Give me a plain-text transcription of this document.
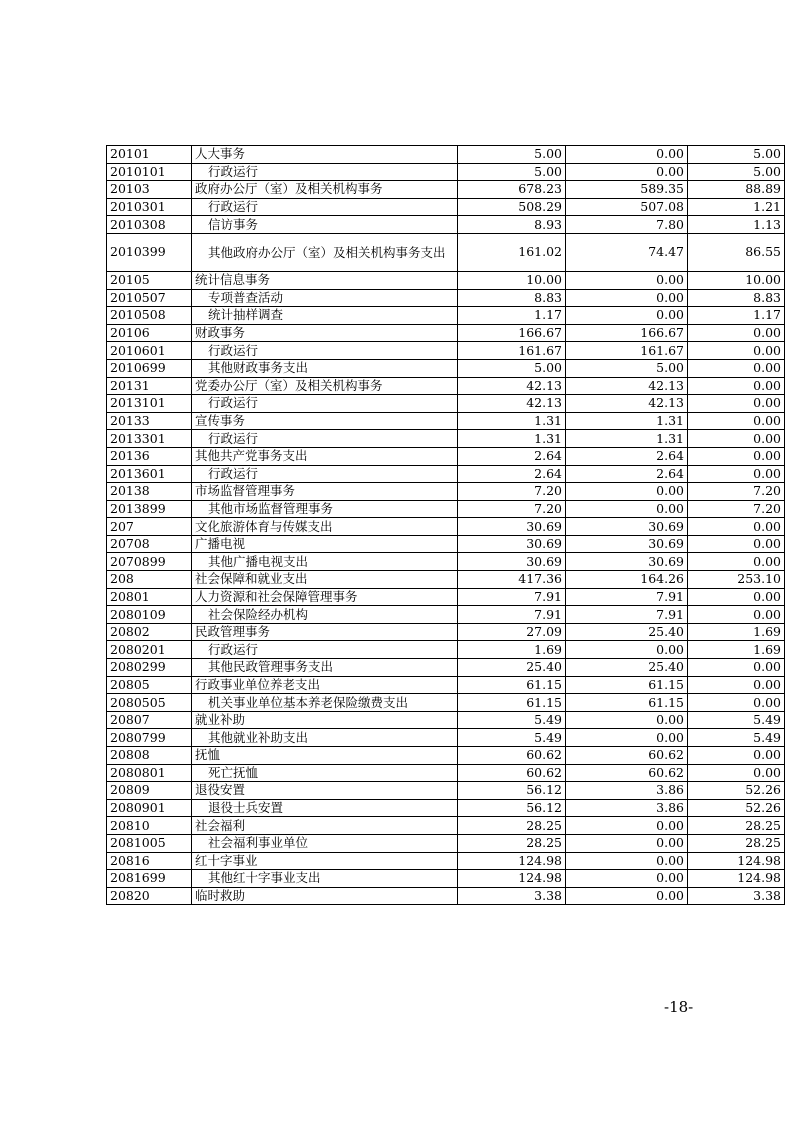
20101	人大事务	5.00	0.00	5.00
2010101	行政运行	5.00	0.00	5.00
20103	政府办公厅（室）及相关机构事务	678.23	589.35	88.89
2010301	行政运行	508.29	507.08	1.21
2010308	信访事务	8.93	7.80	1.13
2010399	其他政府办公厅（室）及相关机构事务支出	161.02	74.47	86.55
20105	统计信息事务	10.00	0.00	10.00
2010507	专项普查活动	8.83	0.00	8.83
2010508	统计抽样调查	1.17	0.00	1.17
20106	财政事务	166.67	166.67	0.00
2010601	行政运行	161.67	161.67	0.00
2010699	其他财政事务支出	5.00	5.00	0.00
20131	党委办公厅（室）及相关机构事务	42.13	42.13	0.00
2013101	行政运行	42.13	42.13	0.00
20133	宣传事务	1.31	1.31	0.00
2013301	行政运行	1.31	1.31	0.00
20136	其他共产党事务支出	2.64	2.64	0.00
2013601	行政运行	2.64	2.64	0.00
20138	市场监督管理事务	7.20	0.00	7.20
2013899	其他市场监督管理事务	7.20	0.00	7.20
207	文化旅游体育与传媒支出	30.69	30.69	0.00
20708	广播电视	30.69	30.69	0.00
2070899	其他广播电视支出	30.69	30.69	0.00
208	社会保障和就业支出	417.36	164.26	253.10
20801	人力资源和社会保障管理事务	7.91	7.91	0.00
2080109	社会保险经办机构	7.91	7.91	0.00
20802	民政管理事务	27.09	25.40	1.69
2080201	行政运行	1.69	0.00	1.69
2080299	其他民政管理事务支出	25.40	25.40	0.00
20805	行政事业单位养老支出	61.15	61.15	0.00
2080505	机关事业单位基本养老保险缴费支出	61.15	61.15	0.00
20807	就业补助	5.49	0.00	5.49
2080799	其他就业补助支出	5.49	0.00	5.49
20808	抚恤	60.62	60.62	0.00
2080801	死亡抚恤	60.62	60.62	0.00
20809	退役安置	56.12	3.86	52.26
2080901	退役士兵安置	56.12	3.86	52.26
20810	社会福利	28.25	0.00	28.25
2081005	社会福利事业单位	28.25	0.00	28.25
20816	红十字事业	124.98	0.00	124.98
2081699	其他红十字事业支出	124.98	0.00	124.98
20820	临时救助	3.38	0.00	3.38
-18-
